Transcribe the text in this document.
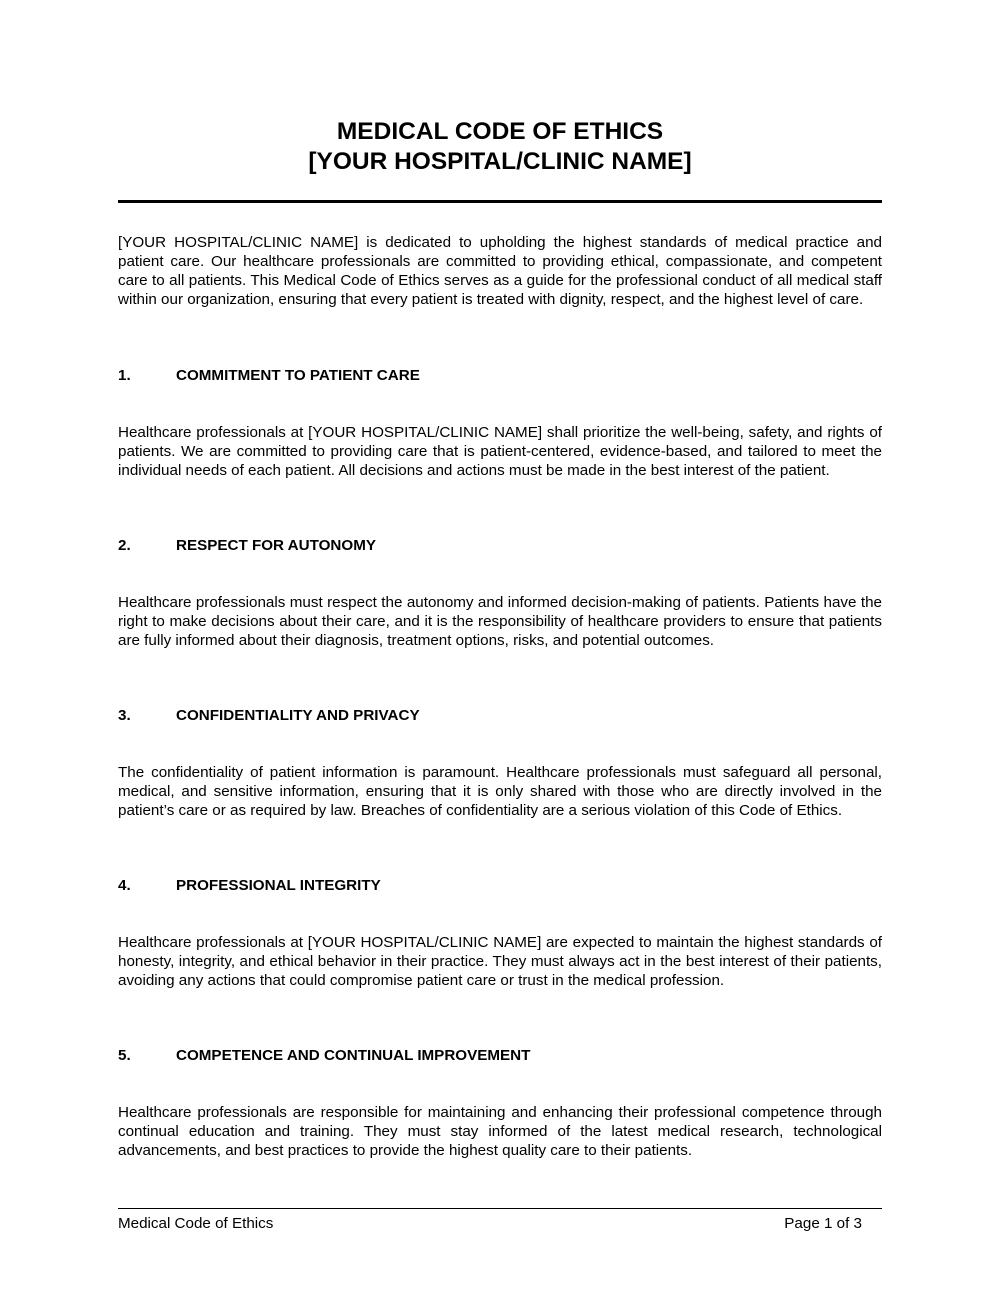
MEDICAL CODE OF ETHICS

[YOUR HOSPITAL/CLINIC NAME]

[YOUR HOSPITAL/CLINIC NAME] is dedicated to upholding the highest standards of medical practice and patient care. Our healthcare professionals are committed to providing ethical, compassionate, and competent care to all patients. This Medical Code of Ethics serves as a guide for the professional conduct of all medical staff within our organization, ensuring that every patient is treated with dignity, respect, and the highest level of care.

1.	COMMITMENT TO PATIENT CARE

Healthcare professionals at [YOUR HOSPITAL/CLINIC NAME] shall prioritize the well-being, safety, and rights of patients. We are committed to providing care that is patient-centered, evidence-based, and tailored to meet the individual needs of each patient. All decisions and actions must be made in the best interest of the patient.

2.	RESPECT FOR AUTONOMY

Healthcare professionals must respect the autonomy and informed decision-making of patients. Patients have the right to make decisions about their care, and it is the responsibility of healthcare providers to ensure that patients are fully informed about their diagnosis, treatment options, risks, and potential outcomes.

3.	CONFIDENTIALITY AND PRIVACY

The confidentiality of patient information is paramount. Healthcare professionals must safeguard all personal, medical, and sensitive information, ensuring that it is only shared with those who are directly involved in the patient’s care or as required by law. Breaches of confidentiality are a serious violation of this Code of Ethics.

4.	PROFESSIONAL INTEGRITY

Healthcare professionals at [YOUR HOSPITAL/CLINIC NAME] are expected to maintain the highest standards of honesty, integrity, and ethical behavior in their practice. They must always act in the best interest of their patients, avoiding any actions that could compromise patient care or trust in the medical profession.

5.	COMPETENCE AND CONTINUAL IMPROVEMENT

Healthcare professionals are responsible for maintaining and enhancing their professional competence through continual education and training. They must stay informed of the latest medical research, technological advancements, and best practices to provide the highest quality care to their patients.

Medical Code of Ethics	Page 1 of 3
